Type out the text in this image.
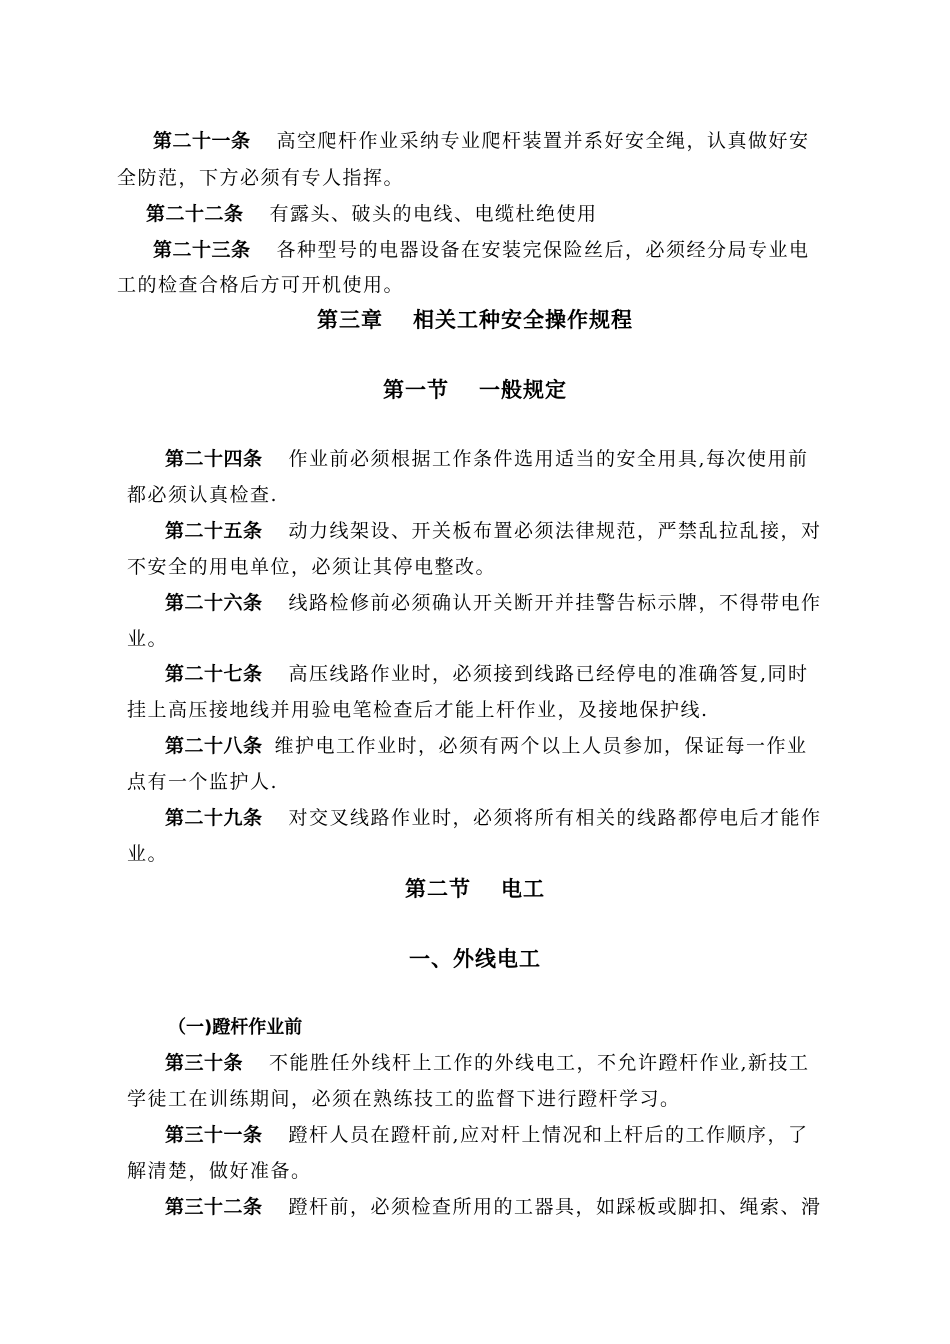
第二十一条 高空爬杆作业采纳专业爬杆装置并系好安全绳，认真做好安
全防范，下方必须有专人指挥。
第二十二条 有露头、破头的电线、电缆杜绝使用
第二十三条 各种型号的电器设备在安装完保险丝后，必须经分局专业电
工的检查合格后方可开机使用。
第三章 相关工种安全操作规程
第一节 一般规定
第二十四条 作业前必须根据工作条件选用适当的安全用具,每次使用前
都必须认真检查.
第二十五条 动力线架设、开关板布置必须法律规范，严禁乱拉乱接，对
不安全的用电单位，必须让其停电整改。
第二十六条 线路检修前必须确认开关断开并挂警告标示牌，不得带电作
业。
第二十七条 高压线路作业时，必须接到线路已经停电的准确答复,同时
挂上高压接地线并用验电笔检查后才能上杆作业，及接地保护线.
第二十八条 维护电工作业时，必须有两个以上人员参加，保证每一作业
点有一个监护人.
第二十九条 对交叉线路作业时，必须将所有相关的线路都停电后才能作
业。
第二节 电工
一、外线电工
（一)蹬杆作业前
第三十条 不能胜任外线杆上工作的外线电工，不允许蹬杆作业,新技工
学徒工在训练期间，必须在熟练技工的监督下进行蹬杆学习。
第三十一条 蹬杆人员在蹬杆前,应对杆上情况和上杆后的工作顺序，了
解清楚，做好准备。
第三十二条 蹬杆前，必须检查所用的工器具，如踩板或脚扣、绳索、滑
